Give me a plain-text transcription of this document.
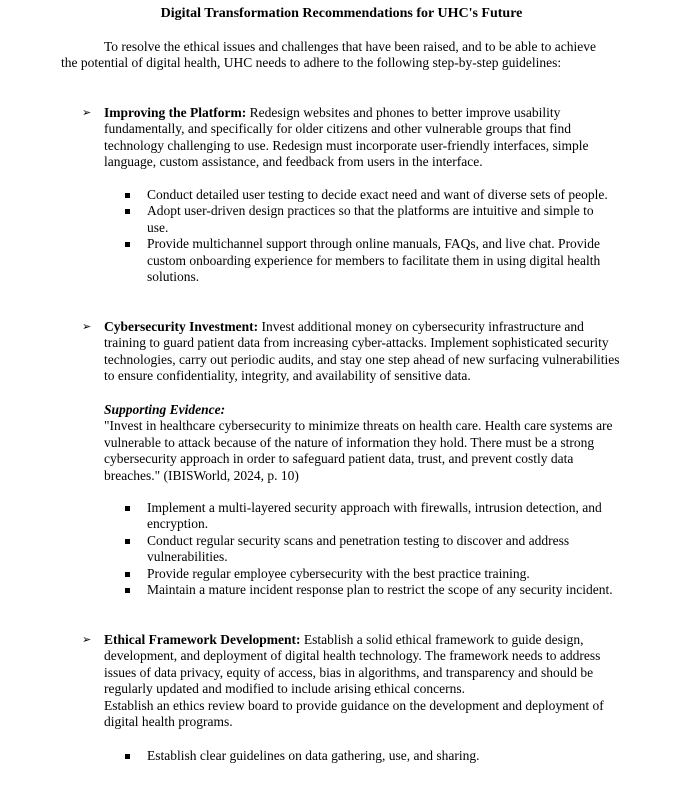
Digital Transformation Recommendations for UHC's Future

To resolve the ethical issues and challenges that have been raised, and to be able to achieve the potential of digital health, UHC needs to adhere to the following step-by-step guidelines:

➢ Improving the Platform: Redesign websites and phones to better improve usability fundamentally, and specifically for older citizens and other vulnerable groups that find technology challenging to use. Redesign must incorporate user-friendly interfaces, simple language, custom assistance, and feedback from users in the interface.

Conduct detailed user testing to decide exact need and want of diverse sets of people.
Adopt user-driven design practices so that the platforms are intuitive and simple to use.
Provide multichannel support through online manuals, FAQs, and live chat. Provide custom onboarding experience for members to facilitate them in using digital health solutions.
➢ Cybersecurity Investment: Invest additional money on cybersecurity infrastructure and training to guard patient data from increasing cyber-attacks. Implement sophisticated security technologies, carry out periodic audits, and stay one step ahead of new surfacing vulnerabilities to ensure confidentiality, integrity, and availability of sensitive data.

Supporting Evidence:

"Invest in healthcare cybersecurity to minimize threats on health care. Health care systems are vulnerable to attack because of the nature of information they hold. There must be a strong cybersecurity approach in order to safeguard patient data, trust, and prevent costly data breaches." (IBISWorld, 2024, p. 10)

Implement a multi-layered security approach with firewalls, intrusion detection, and encryption.
Conduct regular security scans and penetration testing to discover and address vulnerabilities.
Provide regular employee cybersecurity with the best practice training.
Maintain a mature incident response plan to restrict the scope of any security incident.
➢ Ethical Framework Development: Establish a solid ethical framework to guide design, development, and deployment of digital health technology. The framework needs to address issues of data privacy, equity of access, bias in algorithms, and transparency and should be regularly updated and modified to include arising ethical concerns.

Establish an ethics review board to provide guidance on the development and deployment of digital health programs.

Establish clear guidelines on data gathering, use, and sharing.
